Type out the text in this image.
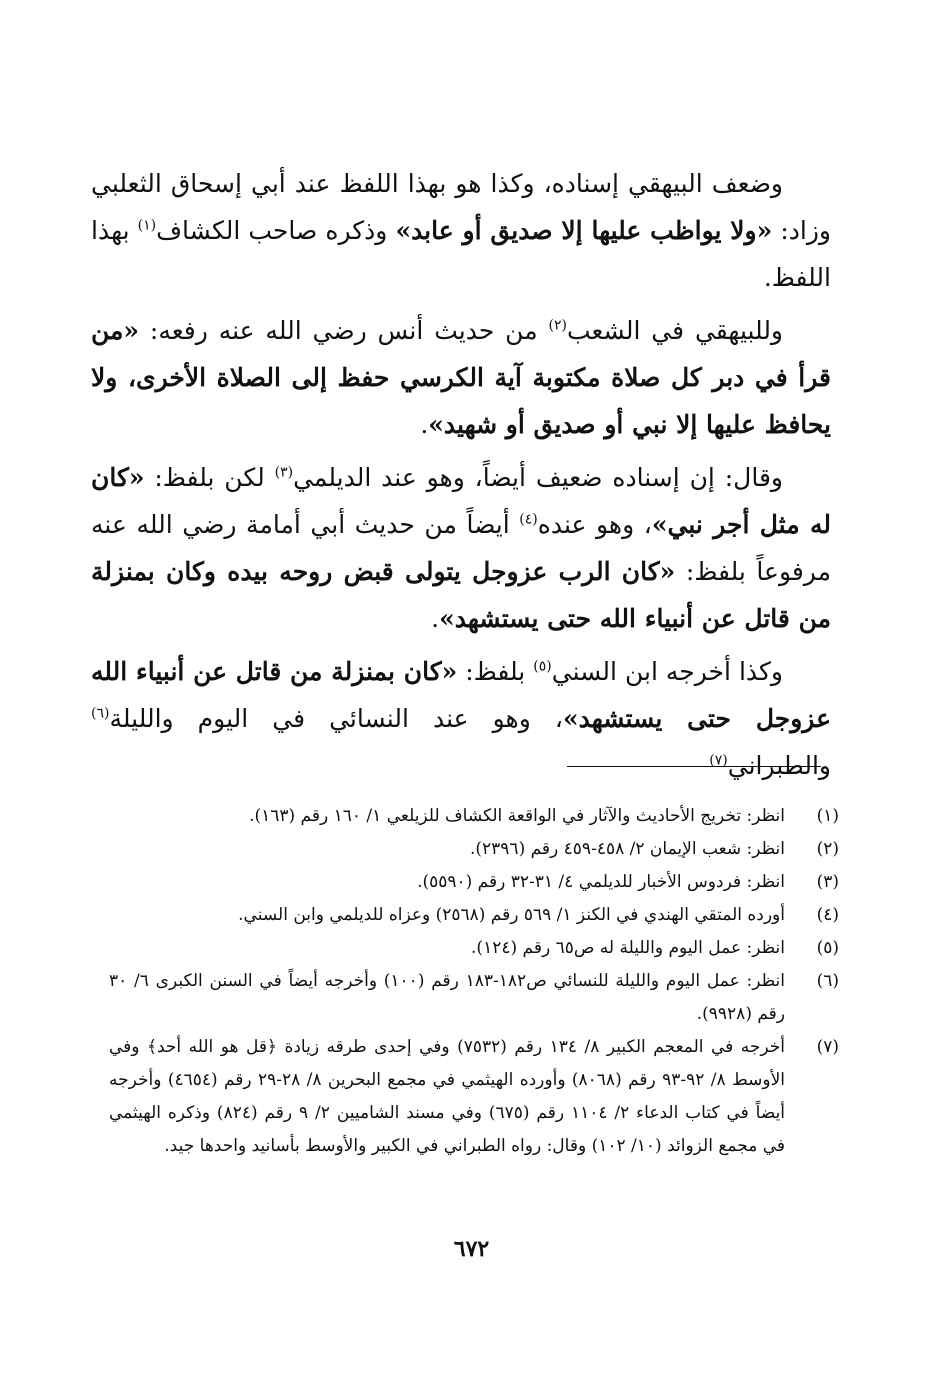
وضعف البيهقي إسناده، وكذا هو بهذا اللفظ عند أبي إسحاق الثعلبي وزاد: «ولا يواظب عليها إلا صديق أو عابد» وذكره صاحب الكشاف$^{(١)}$ بهذا اللفظ.

وللبيهقي في الشعب$^{(٢)}$ من حديث أنس رضي الله عنه رفعه: «من قرأ في دبر كل صلاة مكتوبة آية الكرسي حفظ إلى الصلاة الأخرى، ولا يحافظ عليها إلا نبي أو صديق أو شهيد».

وقال: إن إسناده ضعيف أيضاً، وهو عند الديلمي$^{(٣)}$ لكن بلفظ: «كان له مثل أجر نبي»، وهو عنده$^{(٤)}$ أيضاً من حديث أبي أمامة رضي الله عنه مرفوعاً بلفظ: «كان الرب عزوجل يتولى قبض روحه بيده وكان بمنزلة من قاتل عن أنبياء الله حتى يستشهد».

وكذا أخرجه ابن السني$^{(٥)}$ بلفظ: «كان بمنزلة من قاتل عن أنبياء الله عزوجل حتى يستشهد»، وهو عند النسائي في اليوم والليلة$^{(٦)}$ والطبراني$^{(٧)}$

(١)
انظر: تخريج الأحاديث والآثار في الواقعة الكشاف للزيلعي ١/ ١٦٠ رقم (١٦٣).
(٢)
انظر: شعب الإيمان ٢/ ٤٥٨-٤٥٩ رقم (٢٣٩٦).
(٣)
انظر: فردوس الأخبار للديلمي ٤/ ٣١-٣٢ رقم (٥٥٩٠).
(٤)
أورده المتقي الهندي في الكنز ١/ ٥٦٩ رقم (٢٥٦٨) وعزاه للديلمي وابن السني.
(٥)
انظر: عمل اليوم والليلة له ص٦٥ رقم (١٢٤).
(٦)
انظر: عمل اليوم والليلة للنسائي ص١٨٢-١٨٣ رقم (١٠٠) وأخرجه أيضاً في السنن الكبرى ٦/ ٣٠ رقم (٩٩٢٨).
(٧)
أخرجه في المعجم الكبير ٨/ ١٣٤ رقم (٧٥٣٢) وفي إحدى طرقه زيادة ﴿قل هو الله أحد﴾ وفي الأوسط ٨/ ٩٢-٩٣ رقم (٨٠٦٨) وأورده الهيثمي في مجمع البحرين ٨/ ٢٨-٢٩ رقم (٤٦٥٤) وأخرجه أيضاً في كتاب الدعاء ٢/ ١١٠٤ رقم (٦٧٥) وفي مسند الشاميين ٢/ ٩ رقم (٨٢٤) وذكره الهيثمي في مجمع الزوائد (١٠/ ١٠٢) وقال: رواه الطبراني في الكبير والأوسط بأسانيد واحدها جيد.
٦٧٢
